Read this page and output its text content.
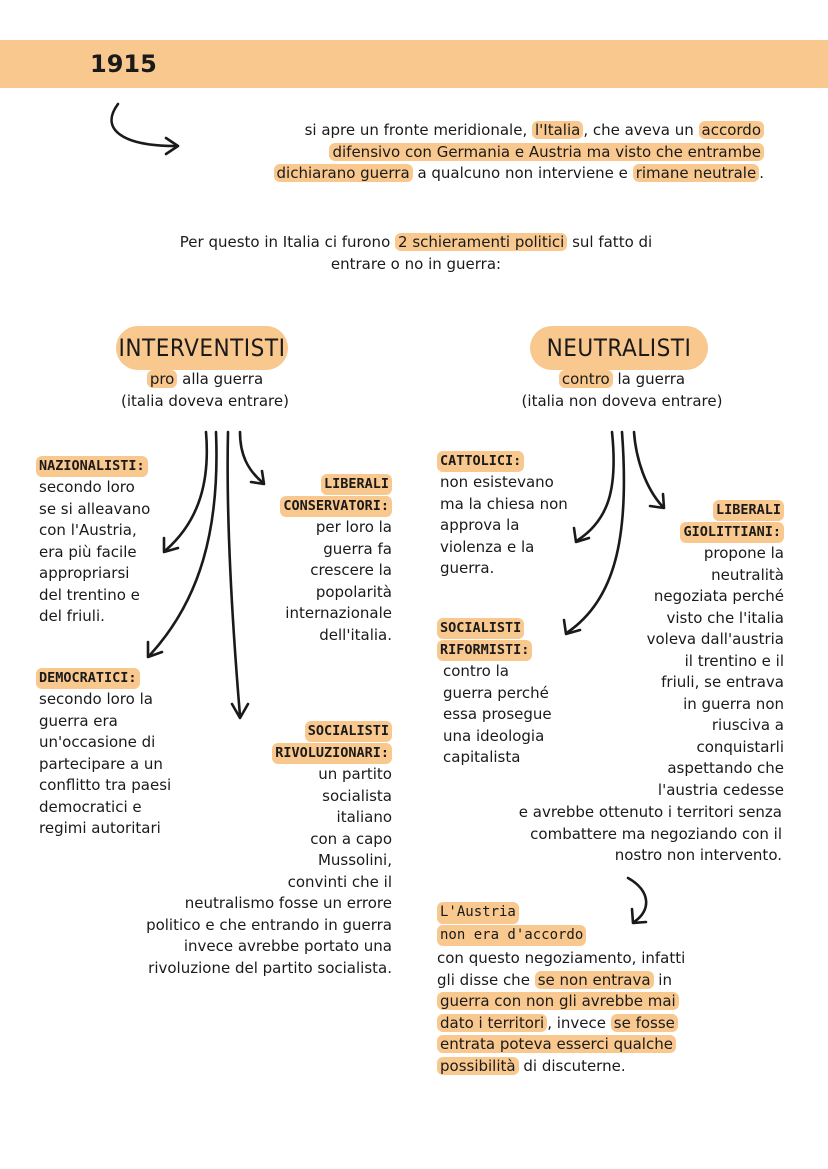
1915
si apre un fronte meridionale, l'Italia , che aveva un accordo
difensivo con Germania e Austria ma visto che entrambe
dichiarano guerra a qualcuno non interviene e rimane neutrale .
Per questo in Italia ci furono 2 schieramenti politici sul fatto di
entrare o no in guerra:
INTERVENTISTI
pro alla guerra
(italia doveva entrare)
NAZIONALISTI:
secondo loro
se si alleavano
con l'Austria,
era più facile
appropriarsi
del trentino e
del friuli.
LIBERALI
CONSERVATORI:
per loro la
guerra fa
crescere la
popolarità
internazionale
dell'italia.
DEMOCRATICI:
secondo loro la
guerra era
un'occasione di
partecipare a un
conflitto tra paesi
democratici e
regimi autoritari
SOCIALISTI
RIVOLUZIONARI:
un partito
socialista
italiano
con a capo
Mussolini,
convinti che il
neutralismo fosse un errore
politico e che entrando in guerra
invece avrebbe portato una
rivoluzione del partito socialista.
NEUTRALISTI
contro la guerra
(italia non doveva entrare)
CATTOLICI:
non esistevano
ma la chiesa non
approva la
violenza e la
guerra.
LIBERALI
GIOLITTIANI:
propone la
neutralità
negoziata perché
visto che l'italia
voleva dall'austria
il trentino e il
friuli, se entrava
in guerra non
riusciva a
conquistarli
aspettando che
l'austria cedesse
SOCIALISTI
RIFORMISTI:
contro la
guerra perché
essa prosegue
una ideologia
capitalista
e avrebbe ottenuto i territori senza
combattere ma negoziando con il
nostro non intervento.
L'Austria
non era d'accordo
con questo negoziamento, infatti
gli disse che se non entrava in
guerra con non gli avrebbe mai
dato i territori , invece se fosse
entrata poteva esserci qualche
possibilità di discuterne.
